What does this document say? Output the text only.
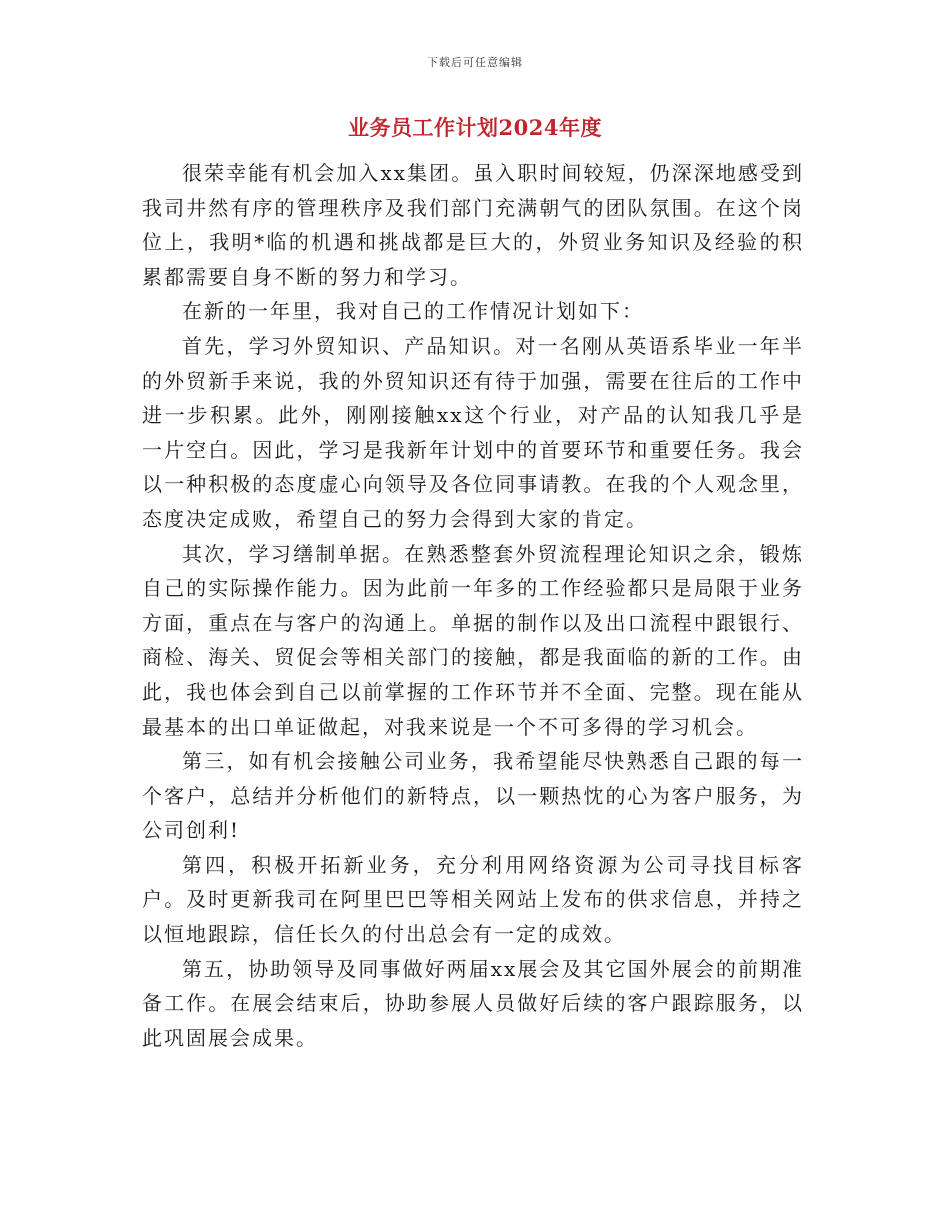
下载后可任意编辑
业务员工作计划2024年度

很荣幸能有机会加入xx集团。虽入职时间较短，仍深深地感受到我司井然有序的管理秩序及我们部门充满朝气的团队氛围。在这个岗位上，我明*临的机遇和挑战都是巨大的，外贸业务知识及经验的积累都需要自身不断的努力和学习。

在新的一年里，我对自己的工作情况计划如下：

首先，学习外贸知识、产品知识。对一名刚从英语系毕业一年半的外贸新手来说，我的外贸知识还有待于加强，需要在往后的工作中进一步积累。此外，刚刚接触xx这个行业，对产品的认知我几乎是一片空白。因此，学习是我新年计划中的首要环节和重要任务。我会以一种积极的态度虚心向领导及各位同事请教。在我的个人观念里，态度决定成败，希望自己的努力会得到大家的肯定。

其次，学习缮制单据。在熟悉整套外贸流程理论知识之余，锻炼自己的实际操作能力。因为此前一年多的工作经验都只是局限于业务方面，重点在与客户的沟通上。单据的制作以及出口流程中跟银行、商检、海关、贸促会等相关部门的接触，都是我面临的新的工作。由此，我也体会到自己以前掌握的工作环节并不全面、完整。现在能从最基本的出口单证做起，对我来说是一个不可多得的学习机会。

第三，如有机会接触公司业务，我希望能尽快熟悉自己跟的每一个客户，总结并分析他们的新特点，以一颗热忱的心为客户服务，为公司创利!

第四，积极开拓新业务，充分利用网络资源为公司寻找目标客户。及时更新我司在阿里巴巴等相关网站上发布的供求信息，并持之以恒地跟踪，信任长久的付出总会有一定的成效。

第五，协助领导及同事做好两届xx展会及其它国外展会的前期准备工作。在展会结束后，协助参展人员做好后续的客户跟踪服务，以此巩固展会成果。
